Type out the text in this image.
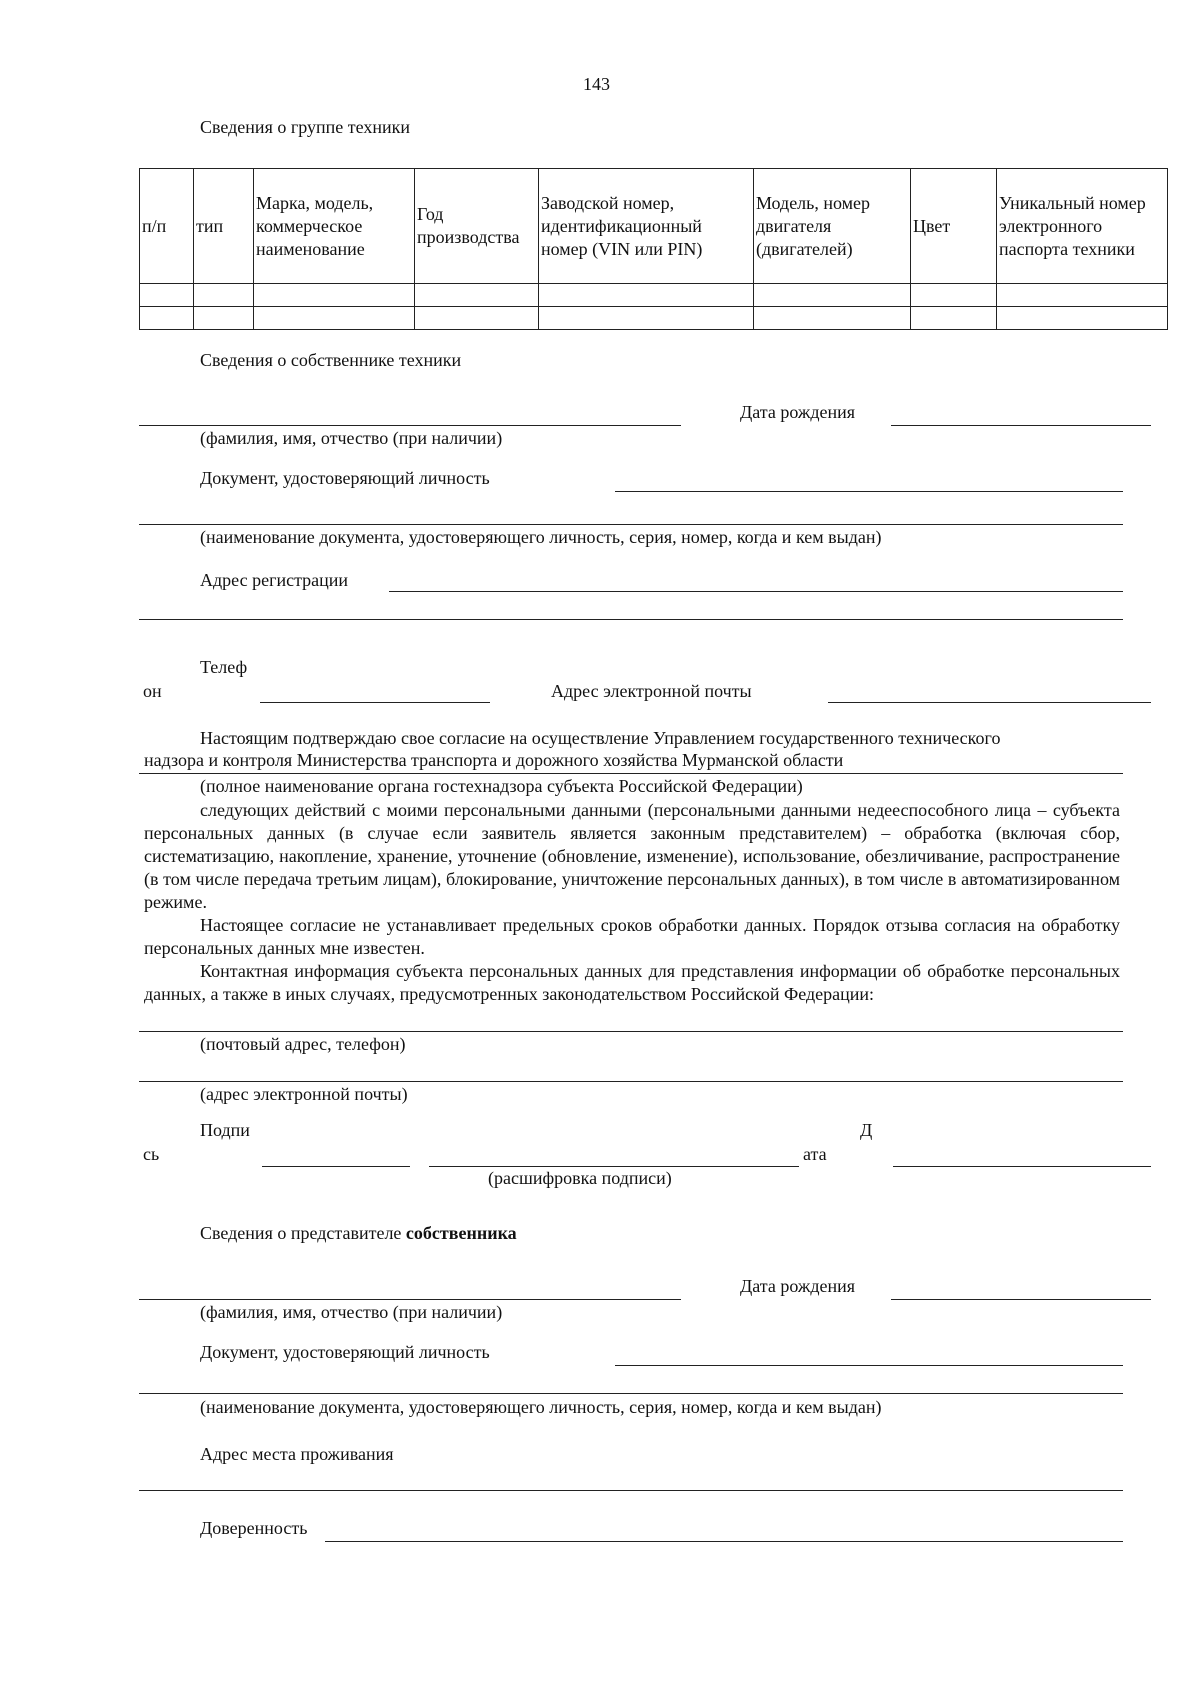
143
Сведения о группе техники
п/п	тип	Марка, модель, коммерческое наименование	Год производства	Заводской номер, идентификационный номер (VIN или PIN)	Модель, номер двигателя (двигателей)	Цвет	Уникальный номер электронного паспорта техники

Сведения о собственнике техники
Дата рождения
(фамилия, имя, отчество (при наличии)
Документ, удостоверяющий личность
(наименование документа, удостоверяющего личность, серия, номер, когда и кем выдан)
Адрес регистрации
Телеф
он	Адрес электронной почты
Настоящим подтверждаю свое согласие на осуществление Управлением государственного технического
надзора и контроля Министерства транспорта и дорожного хозяйства Мурманской области
(полное наименование органа гостехнадзора субъекта Российской Федерации)
следующих действий с моими персональными данными (персональными данными недееспособного лица – субъекта персональных данных (в случае если заявитель является законным представителем) – обработка (включая сбор, систематизацию, накопление, хранение, уточнение (обновление, изменение), использование, обезличивание, распространение (в том числе передача третьим лицам), блокирование, уничтожение персональных данных), в том числе в автоматизированном режиме.
Настоящее согласие не устанавливает предельных сроков обработки данных. Порядок отзыва согласия на обработку персональных данных мне известен.
Контактная информация субъекта персональных данных для представления информации об обработке персональных данных, а также в иных случаях, предусмотренных законодательством Российской Федерации:
(почтовый адрес, телефон)
(адрес электронной почты)
Подпи
сь
(расшифровка подписи)
Д
ата
Сведения о представителе собственника
Дата рождения
(фамилия, имя, отчество (при наличии)
Документ, удостоверяющий личность
(наименование документа, удостоверяющего личность, серия, номер, когда и кем выдан)
Адрес места проживания
Доверенность
